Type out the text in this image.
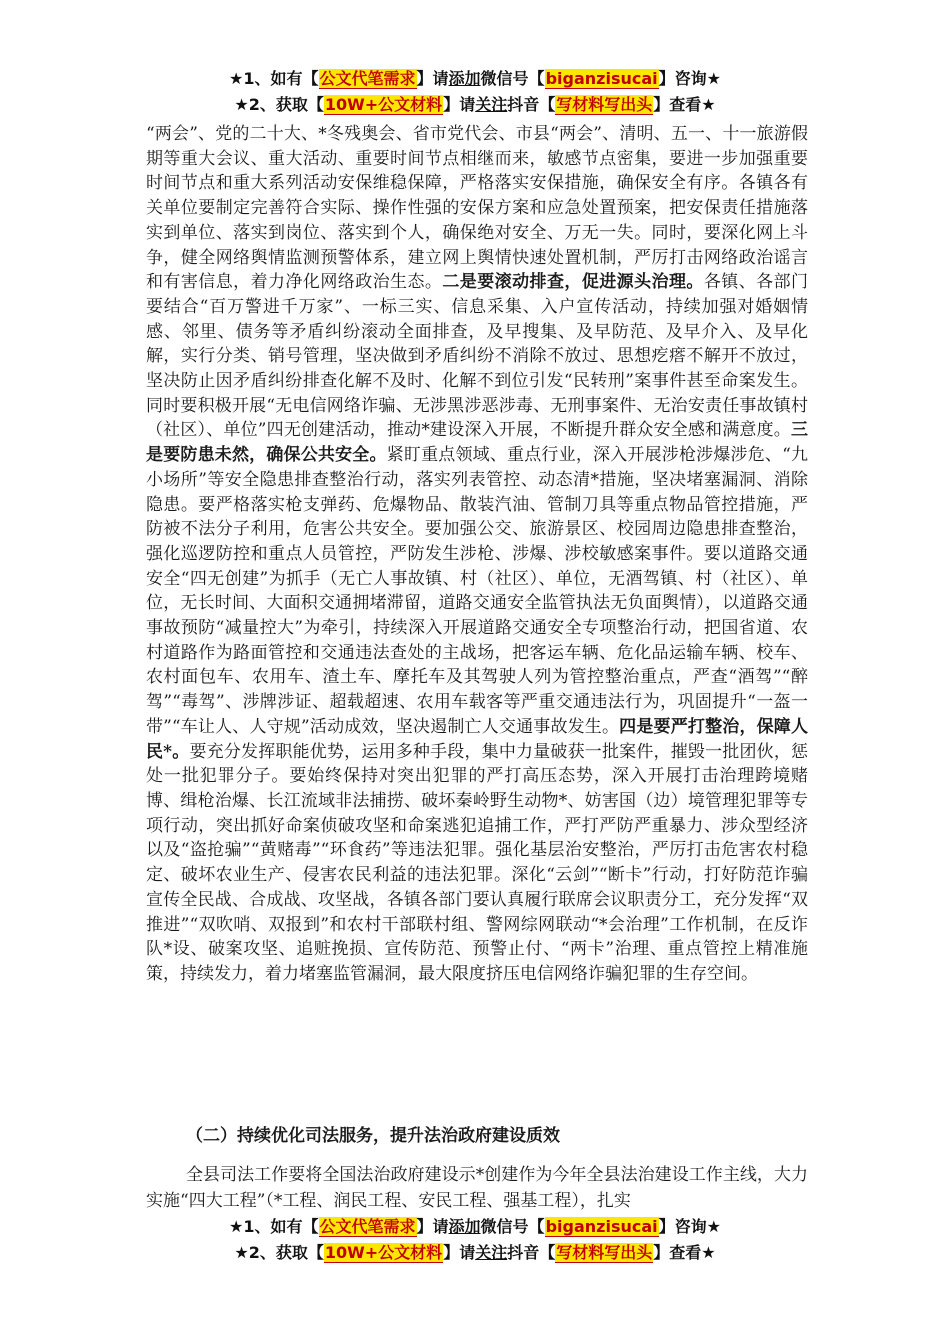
★1、如有【公文代笔需求】请添加微信号【biganzisucai】咨询★
★2、获取【10W+公文材料】请关注抖音【写材料写出头】查看★

“两会”、党的二十大、*冬残奥会、省市党代会、市县“两会”、清明、五一、十一旅游假期等重大会议、重大活动、重要时间节点相继而来，敏感节点密集，要进一步加强重要时间节点和重大系列活动安保维稳保障，严格落实安保措施，确保安全有序。各镇各有关单位要制定完善符合实际、操作性强的安保方案和应急处置预案，把安保责任措施落实到单位、落实到岗位、落实到个人，确保绝对安全、万无一失。同时，要深化网上斗争，健全网络舆情监测预警体系，建立网上舆情快速处置机制，严厉打击网络政治谣言和有害信息，着力净化网络政治生态。二是要滚动排查，促进源头治理。各镇、各部门要结合“百万警进千万家”、一标三实、信息采集、入户宣传活动，持续加强对婚姻情感、邻里、债务等矛盾纠纷滚动全面排查，及早搜集、及早防范、及早介入、及早化解，实行分类、销号管理，坚决做到矛盾纠纷不消除不放过、思想疙瘩不解开不放过，坚决防止因矛盾纠纷排查化解不及时、化解不到位引发“民转刑”案事件甚至命案发生。同时要积极开展“无电信网络诈骗、无涉黑涉恶涉毒、无刑事案件、无治安责任事故镇村（社区）、单位”四无创建活动，推动*建设深入开展，不断提升群众安全感和满意度。三是要防患未然，确保公共安全。紧盯重点领域、重点行业，深入开展涉枪涉爆涉危、“九小场所”等安全隐患排查整治行动，落实列表管控、动态清*措施，坚决堵塞漏洞、消除隐患。要严格落实枪支弹药、危爆物品、散装汽油、管制刀具等重点物品管控措施，严防被不法分子利用，危害公共安全。要加强公交、旅游景区、校园周边隐患排查整治，强化巡逻防控和重点人员管控，严防发生涉枪、涉爆、涉校敏感案事件。要以道路交通安全“四无创建”为抓手（无亡人事故镇、村（社区）、单位，无酒驾镇、村（社区）、单位，无长时间、大面积交通拥堵滞留，道路交通安全监管执法无负面舆情），以道路交通事故预防“减量控大”为牵引，持续深入开展道路交通安全专项整治行动，把国省道、农村道路作为路面管控和交通违法查处的主战场，把客运车辆、危化品运输车辆、校车、农村面包车、农用车、渣土车、摩托车及其驾驶人列为管控整治重点，严查“酒驾”“醉驾”“毒驾”、涉牌涉证、超载超速、农用车载客等严重交通违法行为，巩固提升“一盔一带”“车让人、人守规”活动成效，坚决遏制亡人交通事故发生。四是要严打整治，保障人民*。要充分发挥职能优势，运用多种手段，集中力量破获一批案件，摧毁一批团伙，惩处一批犯罪分子。要始终保持对突出犯罪的严打高压态势，深入开展打击治理跨境赌博、缉枪治爆、长江流域非法捕捞、破坏秦岭野生动物*、妨害国（边）境管理犯罪等专项行动，突出抓好命案侦破攻坚和命案逃犯追捕工作，严打严防严重暴力、涉众型经济以及“盗抢骗”“黄赌毒”“环食药”等违法犯罪。强化基层治安整治，严厉打击危害农村稳定、破坏农业生产、侵害农民利益的违法犯罪。深化“云剑”“断卡”行动，打好防范诈骗宣传全民战、合成战、攻坚战，各镇各部门要认真履行联席会议职责分工，充分发挥“双推进”“双吹哨、双报到”和农村干部联村组、警网综网联动“*会治理”工作机制，在反诈队*设、破案攻坚、追赃挽损、宣传防范、预警止付、“两卡”治理、重点管控上精准施策，持续发力，着力堵塞监管漏洞，最大限度挤压电信网络诈骗犯罪的生存空间。

（二）持续优化司法服务，提升法治政府建设质效
全县司法工作要将全国法治政府建设示*创建作为今年全县法治建设工作主线，大力实施“四大工程”（*工程、润民工程、安民工程、强基工程），扎实
★1、如有【公文代笔需求】请添加微信号【biganzisucai】咨询★
★2、获取【10W+公文材料】请关注抖音【写材料写出头】查看★
